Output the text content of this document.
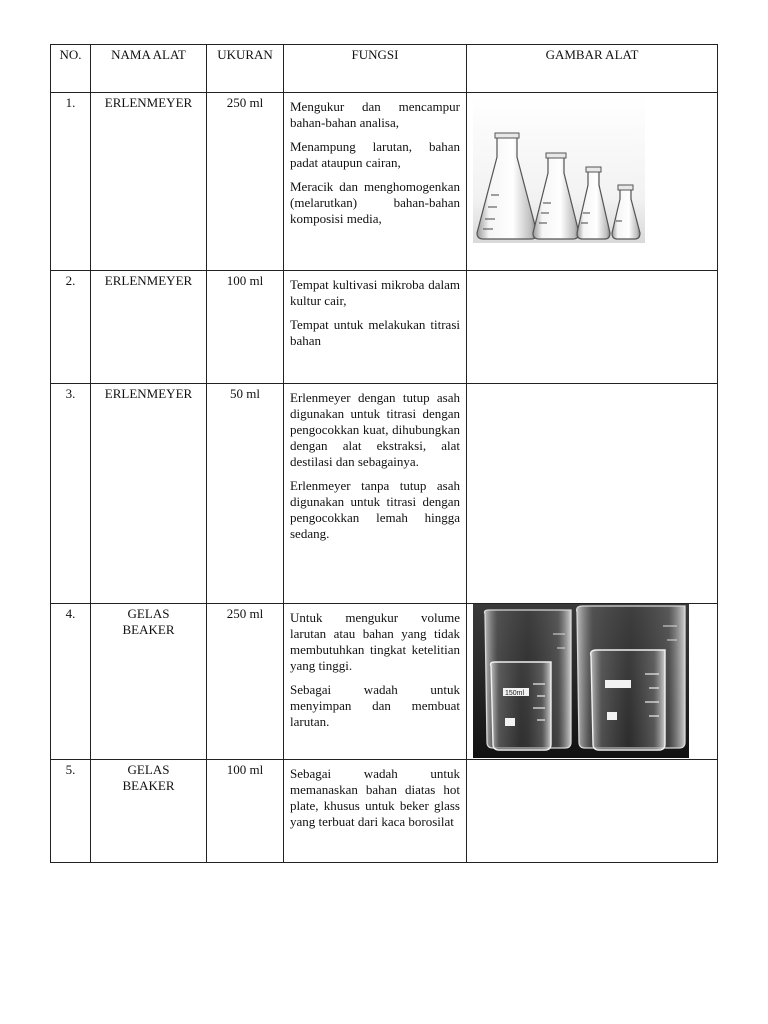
NO.	NAMA ALAT	UKURAN	FUNGSI	GAMBAR ALAT
1.	ERLENMEYER	250 ml	Mengukur dan mencampur bahan-bahan analisa,

Menampung larutan, bahan padat ataupun cairan,

Meracik dan menghomogenkan (melarutkan) bahan-bahan komposisi media,

2.	ERLENMEYER	100 ml	Tempat kultivasi mikroba dalam kultur cair,

Tempat untuk melakukan titrasi bahan

3.	ERLENMEYER	50 ml	Erlenmeyer dengan tutup asah digunakan untuk titrasi dengan pengocokkan kuat, dihubungkan dengan alat ekstraksi, alat destilasi dan sebagainya.

Erlenmeyer tanpa tutup asah digunakan untuk titrasi dengan pengocokkan lemah hingga sedang.

4.	GELAS
BEAKER
250 ml	Untuk mengukur volume larutan atau bahan yang tidak membutuhkan tingkat ketelitian yang tinggi.

Sebagai wadah untuk menyimpan dan membuat larutan.

150ml
5.	GELAS
BEAKER
100 ml	Sebagai wadah untuk memanaskan bahan diatas hot plate, khusus untuk beker glass yang terbuat dari kaca borosilat
